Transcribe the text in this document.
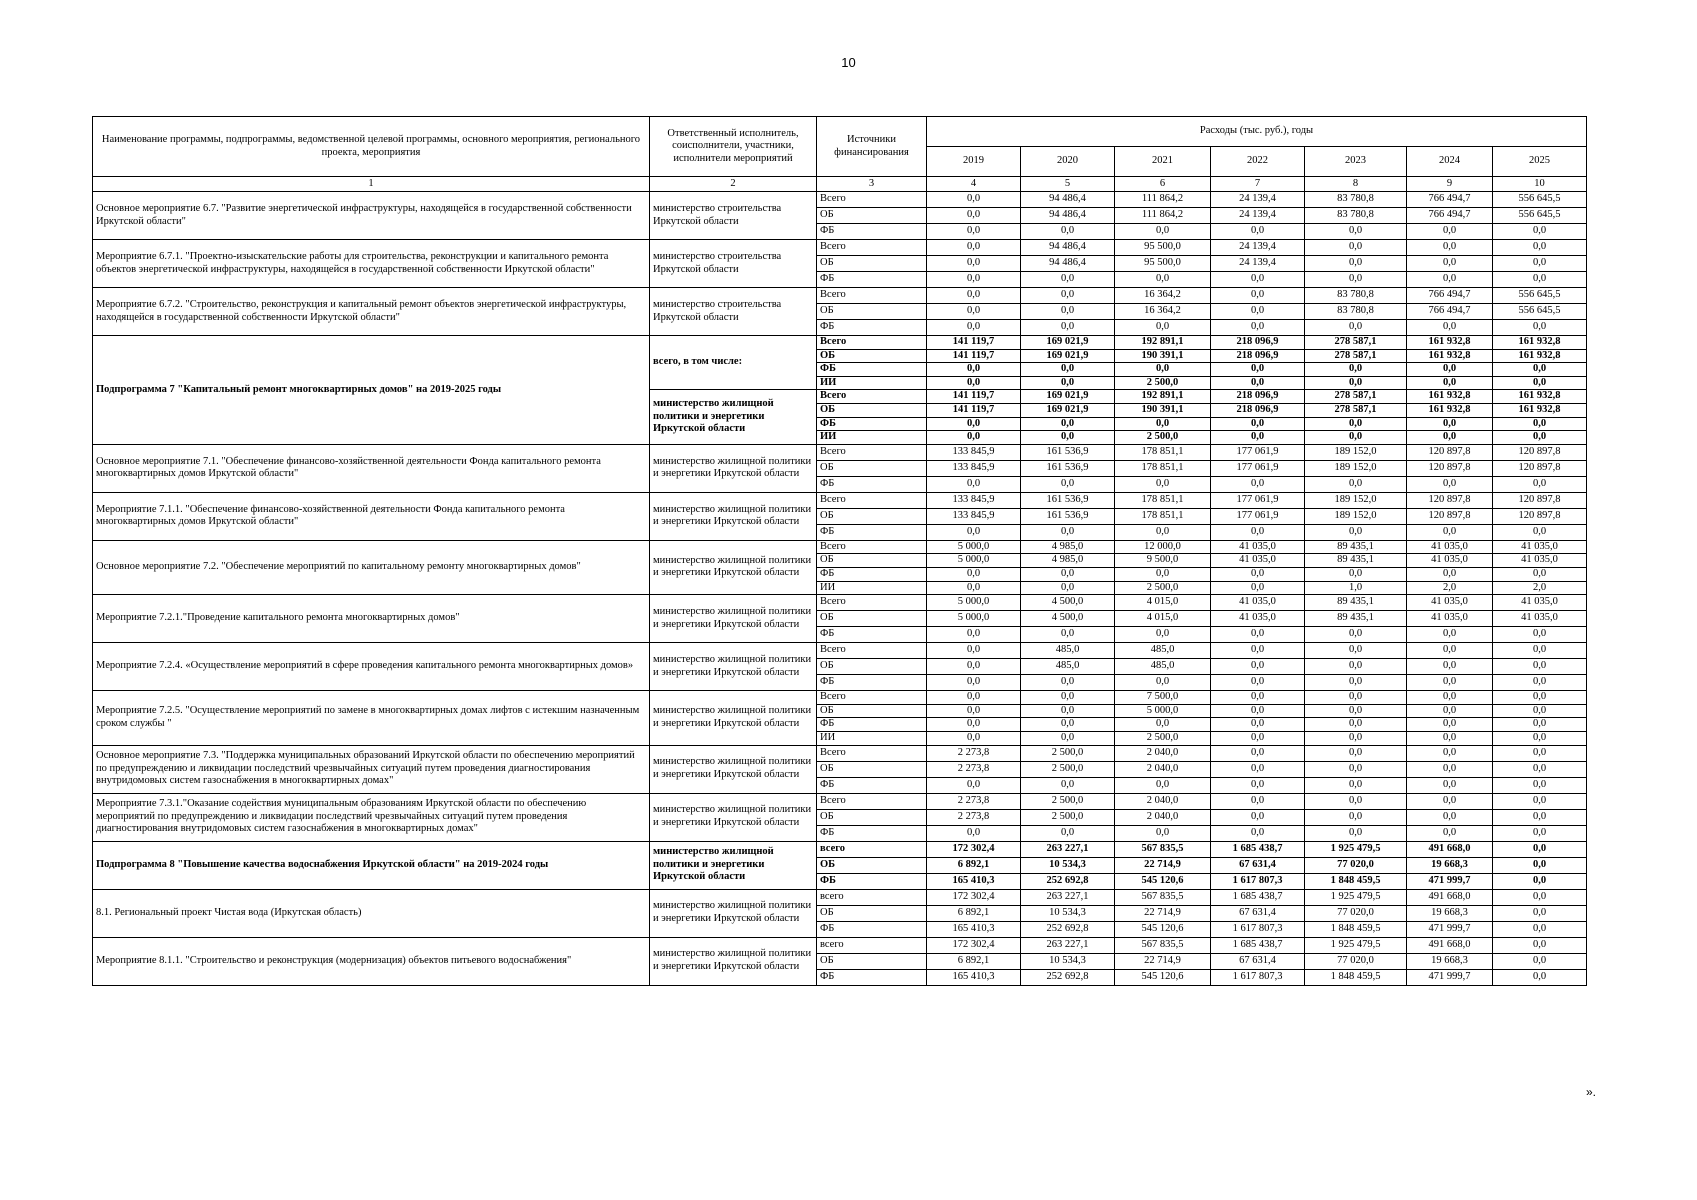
10
Наименование программы, подпрограммы, ведомственной целевой программы, основного мероприятия, регионального проекта, мероприятия	Ответственный исполнитель, соисполнители, участники, исполнители мероприятий	Источники финансирования	Расходы (тыс. руб.), годы						
			2019	2020	2021	2022	2023	2024	2025
1	2	3	4	5	6	7	8	9	10
Основное мероприятие 6.7. "Развитие энергетической инфраструктуры, находящейся в государственной собственности Иркутской области"	министерство строительства Иркутской области	Всего	0,0	94 486,4	111 864,2	24 139,4	83 780,8	766 494,7	556 645,5
		ОБ	0,0	94 486,4	111 864,2	24 139,4	83 780,8	766 494,7	556 645,5
		ФБ	0,0	0,0	0,0	0,0	0,0	0,0	0,0
Мероприятие 6.7.1. "Проектно-изыскательские работы для строительства, реконструкции и капитального ремонта объектов энергетической инфраструктуры, находящейся в государственной собственности Иркутской области"	министерство строительства Иркутской области	Всего	0,0	94 486,4	95 500,0	24 139,4	0,0	0,0	0,0
		ОБ	0,0	94 486,4	95 500,0	24 139,4	0,0	0,0	0,0
		ФБ	0,0	0,0	0,0	0,0	0,0	0,0	0,0
Мероприятие 6.7.2. "Строительство, реконструкция и капитальный ремонт объектов энергетической инфраструктуры, находящейся в государственной собственности Иркутской области"	министерство строительства Иркутской области	Всего	0,0	0,0	16 364,2	0,0	83 780,8	766 494,7	556 645,5
		ОБ	0,0	0,0	16 364,2	0,0	83 780,8	766 494,7	556 645,5
		ФБ	0,0	0,0	0,0	0,0	0,0	0,0	0,0
Подпрограмма 7 "Капитальный ремонт многоквартирных домов" на 2019-2025 годы	всего, в том числе:	Всего	141 119,7	169 021,9	192 891,1	218 096,9	278 587,1	161 932,8	161 932,8
		ОБ	141 119,7	169 021,9	190 391,1	218 096,9	278 587,1	161 932,8	161 932,8
		ФБ	0,0	0,0	0,0	0,0	0,0	0,0	0,0
		ИИ	0,0	0,0	2 500,0	0,0	0,0	0,0	0,0
	министерство жилищной политики и энергетики Иркутской области	Всего	141 119,7	169 021,9	192 891,1	218 096,9	278 587,1	161 932,8	161 932,8
		ОБ	141 119,7	169 021,9	190 391,1	218 096,9	278 587,1	161 932,8	161 932,8
		ФБ	0,0	0,0	0,0	0,0	0,0	0,0	0,0
		ИИ	0,0	0,0	2 500,0	0,0	0,0	0,0	0,0
Основное мероприятие 7.1. "Обеспечение финансово-хозяйственной деятельности Фонда капитального ремонта многоквартирных домов Иркутской области"	министерство жилищной политики и энергетики Иркутской области	Всего	133 845,9	161 536,9	178 851,1	177 061,9	189 152,0	120 897,8	120 897,8
		ОБ	133 845,9	161 536,9	178 851,1	177 061,9	189 152,0	120 897,8	120 897,8
		ФБ	0,0	0,0	0,0	0,0	0,0	0,0	0,0
Мероприятие 7.1.1. "Обеспечение финансово-хозяйственной деятельности Фонда капитального ремонта многоквартирных домов Иркутской области"	министерство жилищной политики и энергетики Иркутской области	Всего	133 845,9	161 536,9	178 851,1	177 061,9	189 152,0	120 897,8	120 897,8
		ОБ	133 845,9	161 536,9	178 851,1	177 061,9	189 152,0	120 897,8	120 897,8
		ФБ	0,0	0,0	0,0	0,0	0,0	0,0	0,0
Основное мероприятие 7.2. "Обеспечение мероприятий по капитальному ремонту многоквартирных домов"	министерство жилищной политики и энергетики Иркутской области	Всего	5 000,0	4 985,0	12 000,0	41 035,0	89 435,1	41 035,0	41 035,0
		ОБ	5 000,0	4 985,0	9 500,0	41 035,0	89 435,1	41 035,0	41 035,0
		ФБ	0,0	0,0	0,0	0,0	0,0	0,0	0,0
		ИИ	0,0	0,0	2 500,0	0,0	1,0	2,0	2,0
Мероприятие 7.2.1."Проведение капитального ремонта многоквартирных домов"	министерство жилищной политики и энергетики Иркутской области	Всего	5 000,0	4 500,0	4 015,0	41 035,0	89 435,1	41 035,0	41 035,0
		ОБ	5 000,0	4 500,0	4 015,0	41 035,0	89 435,1	41 035,0	41 035,0
		ФБ	0,0	0,0	0,0	0,0	0,0	0,0	0,0
Мероприятие 7.2.4. «Осуществление мероприятий в сфере проведения капитального ремонта многоквартирных домов»	министерство жилищной политики и энергетики Иркутской области	Всего	0,0	485,0	485,0	0,0	0,0	0,0	0,0
		ОБ	0,0	485,0	485,0	0,0	0,0	0,0	0,0
		ФБ	0,0	0,0	0,0	0,0	0,0	0,0	0,0
Мероприятие 7.2.5. "Осуществление мероприятий по замене в многоквартирных домах лифтов с истекшим назначенным сроком службы "	министерство жилищной политики и энергетики Иркутской области	Всего	0,0	0,0	7 500,0	0,0	0,0	0,0	0,0
		ОБ	0,0	0,0	5 000,0	0,0	0,0	0,0	0,0
		ФБ	0,0	0,0	0,0	0,0	0,0	0,0	0,0
		ИИ	0,0	0,0	2 500,0	0,0	0,0	0,0	0,0
Основное мероприятие 7.3. "Поддержка муниципальных образований Иркутской области по обеспечению мероприятий по предупреждению и ликвидации последствий чрезвычайных ситуаций путем проведения диагностирования внутридомовых систем газоснабжения в многоквартирных домах"	министерство жилищной политики и энергетики Иркутской области	Всего	2 273,8	2 500,0	2 040,0	0,0	0,0	0,0	0,0
		ОБ	2 273,8	2 500,0	2 040,0	0,0	0,0	0,0	0,0
		ФБ	0,0	0,0	0,0	0,0	0,0	0,0	0,0
Мероприятие 7.3.1."Оказание содействия муниципальным образованиям Иркутской области по обеспечению мероприятий по предупреждению и ликвидации последствий чрезвычайных ситуаций путем проведения диагностирования внутридомовых систем газоснабжения в многоквартирных домах"	министерство жилищной политики и энергетики Иркутской области	Всего	2 273,8	2 500,0	2 040,0	0,0	0,0	0,0	0,0
		ОБ	2 273,8	2 500,0	2 040,0	0,0	0,0	0,0	0,0
		ФБ	0,0	0,0	0,0	0,0	0,0	0,0	0,0
Подпрограмма 8 "Повышение качества водоснабжения Иркутской области" на 2019-2024 годы	министерство жилищной политики и энергетики Иркутской области	всего	172 302,4	263 227,1	567 835,5	1 685 438,7	1 925 479,5	491 668,0	0,0
		ОБ	6 892,1	10 534,3	22 714,9	67 631,4	77 020,0	19 668,3	0,0
		ФБ	165 410,3	252 692,8	545 120,6	1 617 807,3	1 848 459,5	471 999,7	0,0
8.1. Региональный проект Чистая вода (Иркутская область)	министерство жилищной политики и энергетики Иркутской области	всего	172 302,4	263 227,1	567 835,5	1 685 438,7	1 925 479,5	491 668,0	0,0
		ОБ	6 892,1	10 534,3	22 714,9	67 631,4	77 020,0	19 668,3	0,0
		ФБ	165 410,3	252 692,8	545 120,6	1 617 807,3	1 848 459,5	471 999,7	0,0
Мероприятие 8.1.1. "Строительство и реконструкция (модернизация) объектов питьевого водоснабжения"	министерство жилищной политики и энергетики Иркутской области	всего	172 302,4	263 227,1	567 835,5	1 685 438,7	1 925 479,5	491 668,0	0,0
		ОБ	6 892,1	10 534,3	22 714,9	67 631,4	77 020,0	19 668,3	0,0
		ФБ	165 410,3	252 692,8	545 120,6	1 617 807,3	1 848 459,5	471 999,7	0,0
».
